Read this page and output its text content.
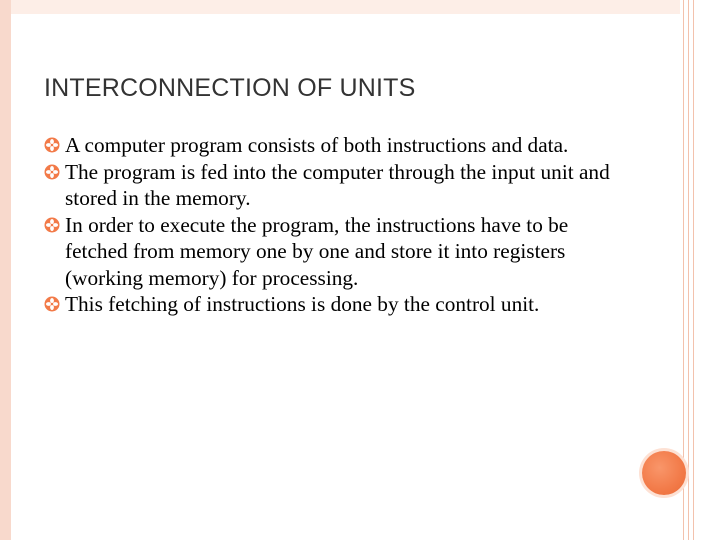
INTERCONNECTION OF UNITS
A computer program consists of both instructions and data.
The program is fed into the computer through the input unit and stored in the memory.
In order to execute the program, the instructions have to be fetched from memory one by one and store it into registers (working memory) for processing.
This fetching of instructions is done by the control unit.
